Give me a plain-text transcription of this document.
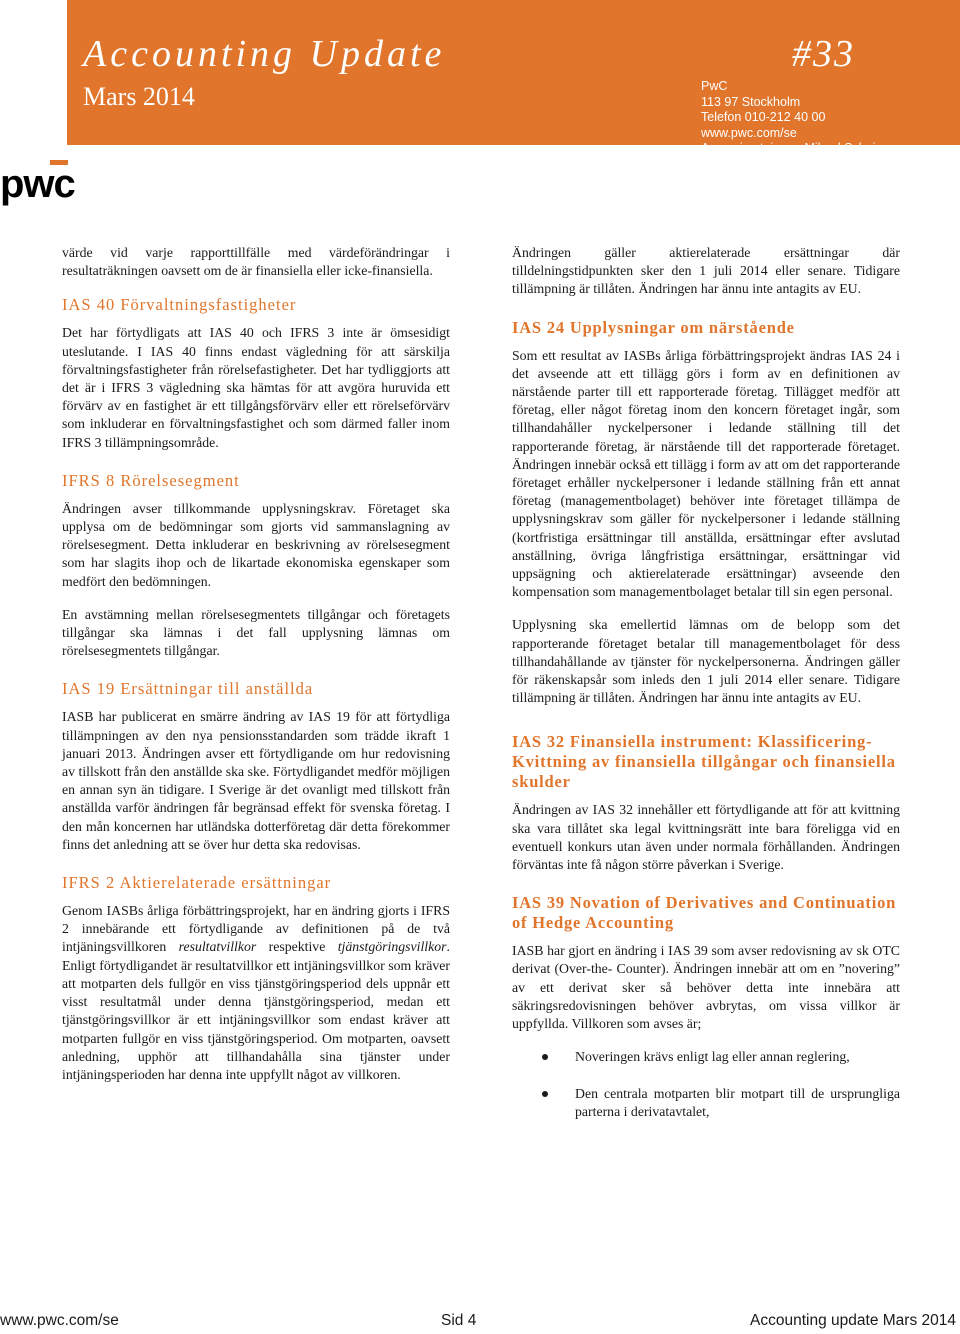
Accounting Update	#33
Mars 2014	PwC
113 97 Stockholm
Telefon 010-212 40 00
www.pwc.com/se
Ansvarig utgivare: Mikael Scheja
pwc

värde vid varje rapporttillfälle med värdeförändringar i resultaträkningen oavsett om de är finansiella eller icke-finansiella.

IAS 40 Förvaltningsfastigheter

Det har förtydligats att IAS 40 och IFRS 3 inte är ömsesidigt uteslutande. I IAS 40 finns endast vägledning för att särskilja förvaltningsfastigheter från rörelsefastigheter. Det har tydliggjorts att det är i IFRS 3 vägledning ska hämtas för att avgöra huruvida ett förvärv av en fastighet är ett tillgångsförvärv eller ett rörelseförvärv som inkluderar en förvaltningsfastighet och som därmed faller inom IFRS 3 tillämpningsområde.

IFRS 8 Rörelsesegment

Ändringen avser tillkommande upplysningskrav. Företaget ska upplysa om de bedömningar som gjorts vid sammanslagning av rörelsesegment. Detta inkluderar en beskrivning av rörelsesegment som har slagits ihop och de likartade ekonomiska egenskaper som medfört den bedömningen.

En avstämning mellan rörelsesegmentets tillgångar och företagets tillgångar ska lämnas i det fall upplysning lämnas om rörelsesegmentets tillgångar.

IAS 19 Ersättningar till anställda

IASB har publicerat en smärre ändring av IAS 19 för att förtydliga tillämpningen av den nya pensionsstandarden som trädde ikraft 1 januari 2013. Ändringen avser ett förtydligande om hur redovisning av tillskott från den anställde ska ske. Förtydligandet medför möjligen en annan syn än tidigare. I Sverige är det ovanligt med tillskott från anställda varför ändringen får begränsad effekt för svenska företag. I den mån koncernen har utländska dotterföretag där detta förekommer finns det anledning att se över hur detta ska redovisas.

IFRS 2 Aktierelaterade ersättningar

Genom IASBs årliga förbättringsprojekt, har en ändring gjorts i IFRS 2 innebärande ett förtydligande av definitionen på de två intjäningsvillkoren resultatvillkor respektive tjänstgöringsvillkor. Enligt förtydligandet är resultatvillkor ett intjäningsvillkor som kräver att motparten dels fullgör en viss tjänstgöringsperiod dels uppnår ett visst resultatmål under denna tjänstgöringsperiod, medan ett tjänstgöringsvillkor är ett intjäningsvillkor som endast kräver att motparten fullgör en viss tjänstgöringsperiod. Om motparten, oavsett anledning, upphör att tillhandahålla sina tjänster under intjäningsperioden har denna inte uppfyllt något av villkoren.

Ändringen gäller aktierelaterade ersättningar där tilldelningstidpunkten sker den 1 juli 2014 eller senare. Tidigare tillämpning är tillåten. Ändringen har ännu inte antagits av EU.

IAS 24 Upplysningar om närstående

Som ett resultat av IASBs årliga förbättringsprojekt ändras IAS 24 i det avseende att ett tillägg görs i form av en definitionen av närstående parter till ett rapporterade företag. Tillägget medför att företag, eller något företag inom den koncern företaget ingår, som tillhandahåller nyckelpersoner i ledande ställning till det rapporterande företag, är närstående till det rapporterade företaget. Ändringen innebär också ett tillägg i form av att om det rapporterande företaget erhåller nyckelpersoner i ledande ställning från ett annat företag (managementbolaget) behöver inte företaget tillämpa de upplysningskrav som gäller för nyckelpersoner i ledande ställning (kortfristiga ersättningar till anställda, ersättningar efter avslutad anställning, övriga långfristiga ersättningar, ersättningar vid uppsägning och aktierelaterade ersättningar) avseende den kompensation som managementbolaget betalar till sin egen personal.

Upplysning ska emellertid lämnas om de belopp som det rapporterande företaget betalar till managementbolaget för dess tillhandahållande av tjänster för nyckelpersonerna. Ändringen gäller för räkenskapsår som inleds den 1 juli 2014 eller senare. Tidigare tillämpning är tillåten. Ändringen har ännu inte antagits av EU.

IAS 32 Finansiella instrument: Klassificering- Kvittning av finansiella tillgångar och finansiella skulder

Ändringen av IAS 32 innehåller ett förtydligande att för att kvittning ska vara tillåtet ska legal kvittningsrätt inte bara föreligga vid en eventuell konkurs utan även under normala förhållanden. Ändringen förväntas inte få någon större påverkan i Sverige.

IAS 39 Novation of Derivatives and Continuation of Hedge Accounting

IASB har gjort en ändring i IAS 39 som avser redovisning av sk OTC derivat (Over-the- Counter). Ändringen innebär att om en ”novering” av ett derivat sker så behöver detta inte innebära att säkringsredovisningen behöver avbrytas, om vissa villkor är uppfyllda. Villkoren som avses är;

Noveringen krävs enligt lag eller annan reglering,
Den centrala motparten blir motpart till de ursprungliga parterna i derivatavtalet,
www.pwc.com/se	Sid 4	Accounting update Mars 2014
